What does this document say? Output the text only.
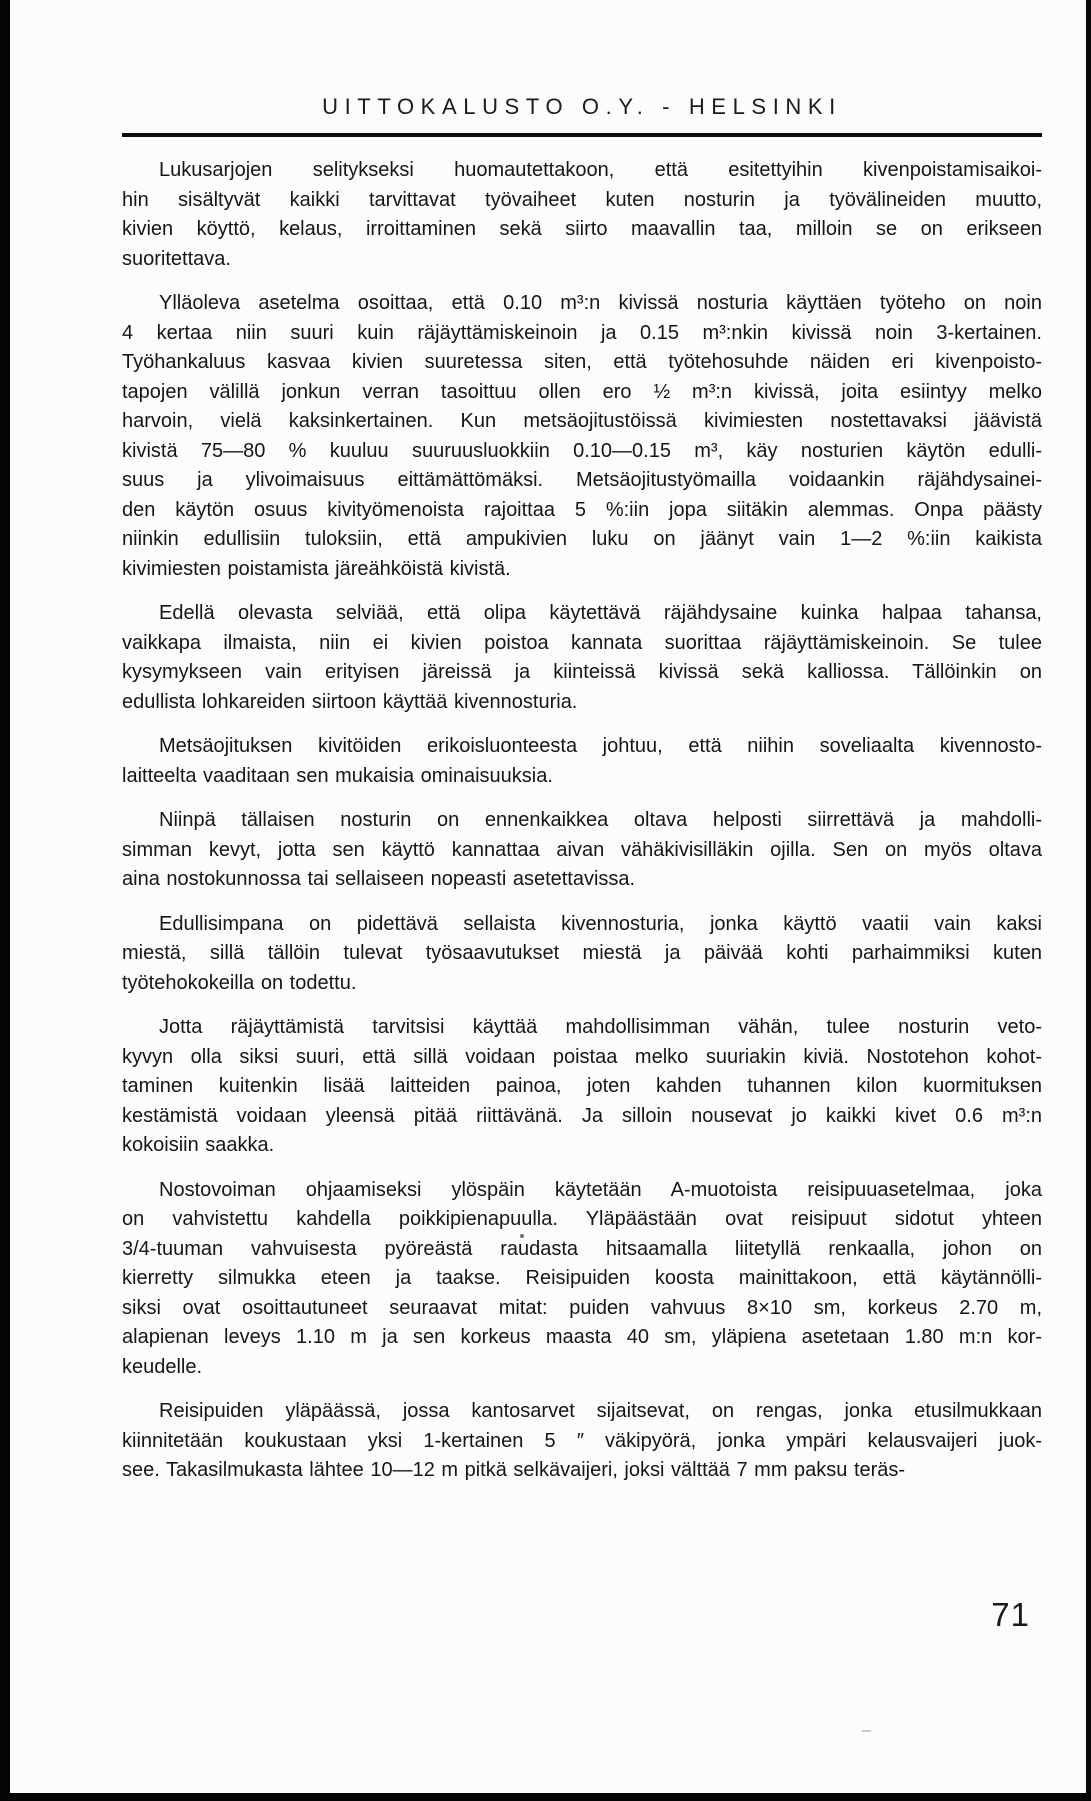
UITTOKALUSTO O.Y. - HELSINKI
Lukusarjojen selitykseksi huomautettakoon, että esitettyihin kivenpoistamisaikoi-
hin sisältyvät kaikki tarvittavat työvaiheet kuten nosturin ja työvälineiden muutto,
kivien köyttö, kelaus, irroittaminen sekä siirto maavallin taa, milloin se on erikseen
suoritettava.
Ylläoleva asetelma osoittaa, että 0.10 m³:n kivissä nosturia käyttäen työteho on noin
4 kertaa niin suuri kuin räjäyttämiskeinoin ja 0.15 m³:nkin kivissä noin 3-kertainen.
Työhankaluus kasvaa kivien suuretessa siten, että työtehosuhde näiden eri kivenpoisto-
tapojen välillä jonkun verran tasoittuu ollen ero ½ m³:n kivissä, joita esiintyy melko
harvoin, vielä kaksinkertainen. Kun metsäojitustöissä kivimiesten nostettavaksi jäävistä
kivistä 75—80 % kuuluu suuruusluokkiin 0.10—0.15 m³, käy nosturien käytön edulli-
suus ja ylivoimaisuus eittämättömäksi. Metsäojitustyömailla voidaankin räjähdysainei-
den käytön osuus kivityömenoista rajoittaa 5 %:iin jopa siitäkin alemmas. Onpa päästy
niinkin edullisiin tuloksiin, että ampukivien luku on jäänyt vain 1—2 %:iin kaikista
kivimiesten poistamista järeähköistä kivistä.
Edellä olevasta selviää, että olipa käytettävä räjähdysaine kuinka halpaa tahansa,
vaikkapa ilmaista, niin ei kivien poistoa kannata suorittaa räjäyttämiskeinoin. Se tulee
kysymykseen vain erityisen järeissä ja kiinteissä kivissä sekä kalliossa. Tällöinkin on
edullista lohkareiden siirtoon käyttää kivennosturia.
Metsäojituksen kivitöiden erikoisluonteesta johtuu, että niihin soveliaalta kivennosto-
laitteelta vaaditaan sen mukaisia ominaisuuksia.
Niinpä tällaisen nosturin on ennenkaikkea oltava helposti siirrettävä ja mahdolli-
simman kevyt, jotta sen käyttö kannattaa aivan vähäkivisilläkin ojilla. Sen on myös oltava
aina nostokunnossa tai sellaiseen nopeasti asetettavissa.
Edullisimpana on pidettävä sellaista kivennosturia, jonka käyttö vaatii vain kaksi
miestä, sillä tällöin tulevat työsaavutukset miestä ja päivää kohti parhaimmiksi kuten
työtehokokeilla on todettu.
Jotta räjäyttämistä tarvitsisi käyttää mahdollisimman vähän, tulee nosturin veto-
kyvyn olla siksi suuri, että sillä voidaan poistaa melko suuriakin kiviä. Nostotehon kohot-
taminen kuitenkin lisää laitteiden painoa, joten kahden tuhannen kilon kuormituksen
kestämistä voidaan yleensä pitää riittävänä. Ja silloin nousevat jo kaikki kivet 0.6 m³:n
kokoisiin saakka.
Nostovoiman ohjaamiseksi ylöspäin käytetään A-muotoista reisipuuasetelmaa, joka
on vahvistettu kahdella poikkipienapuulla. Yläpäästään ovat reisipuut sidotut yhteen
3/4-tuuman vahvuisesta pyöreästä raudasta hitsaamalla liitetyllä renkaalla, johon on
kierretty silmukka eteen ja taakse. Reisipuiden koosta mainittakoon, että käytännölli-
siksi ovat osoittautuneet seuraavat mitat: puiden vahvuus 8×10 sm, korkeus 2.70 m,
alapienan leveys 1.10 m ja sen korkeus maasta 40 sm, yläpiena asetetaan 1.80 m:n kor-
keudelle.
Reisipuiden yläpäässä, jossa kantosarvet sijaitsevat, on rengas, jonka etusilmukkaan
kiinnitetään koukustaan yksi 1-kertainen 5 ″ väkipyörä, jonka ympäri kelausvaijeri juok-
see. Takasilmukasta lähtee 10—12 m pitkä selkävaijeri, joksi välttää 7 mm paksu teräs-
71
